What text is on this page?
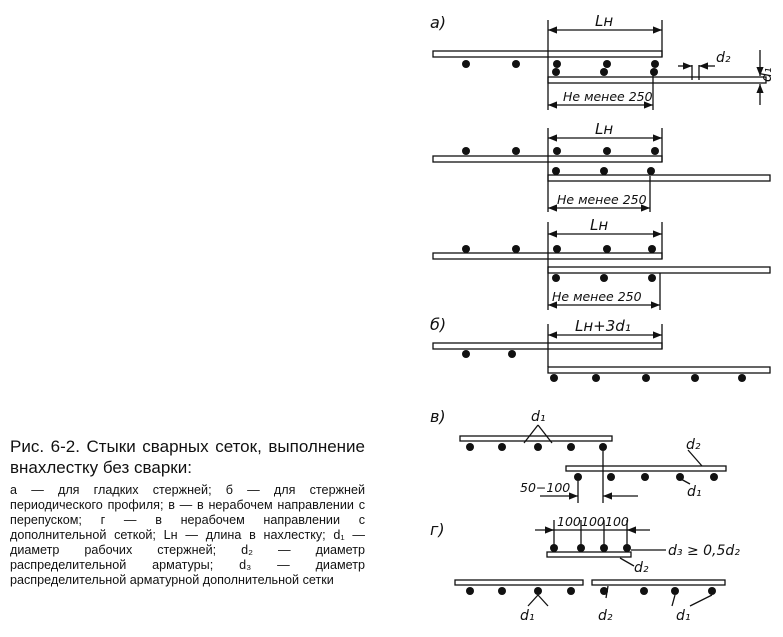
Рис. 6-2. Стыки сварных сеток, выполнение внахлестку без сварки:

а — для гладких стержней; б — для стержней периодического профиля; в — в нерабочем направлении с перепуском; г — в нерабочем направлении с дополнительной сеткой; Lн — длина в нахлестку; d₁ — диаметр рабочих стержней; d₂ — диаметр распределительной арматуры; d₃ — диаметр распределительной арматурной дополнительной сетки

а)
б)
в)
г)
Lн
Lн
Lн
Lн+3d₁
Не менее 250
Не менее 250
Не менее 250
d₂
d₁
d₁
d₂
d₁
50−100
100 100 100
d₃ ≥ 0,5d₂
d₂
d₁	d₂	d₁
